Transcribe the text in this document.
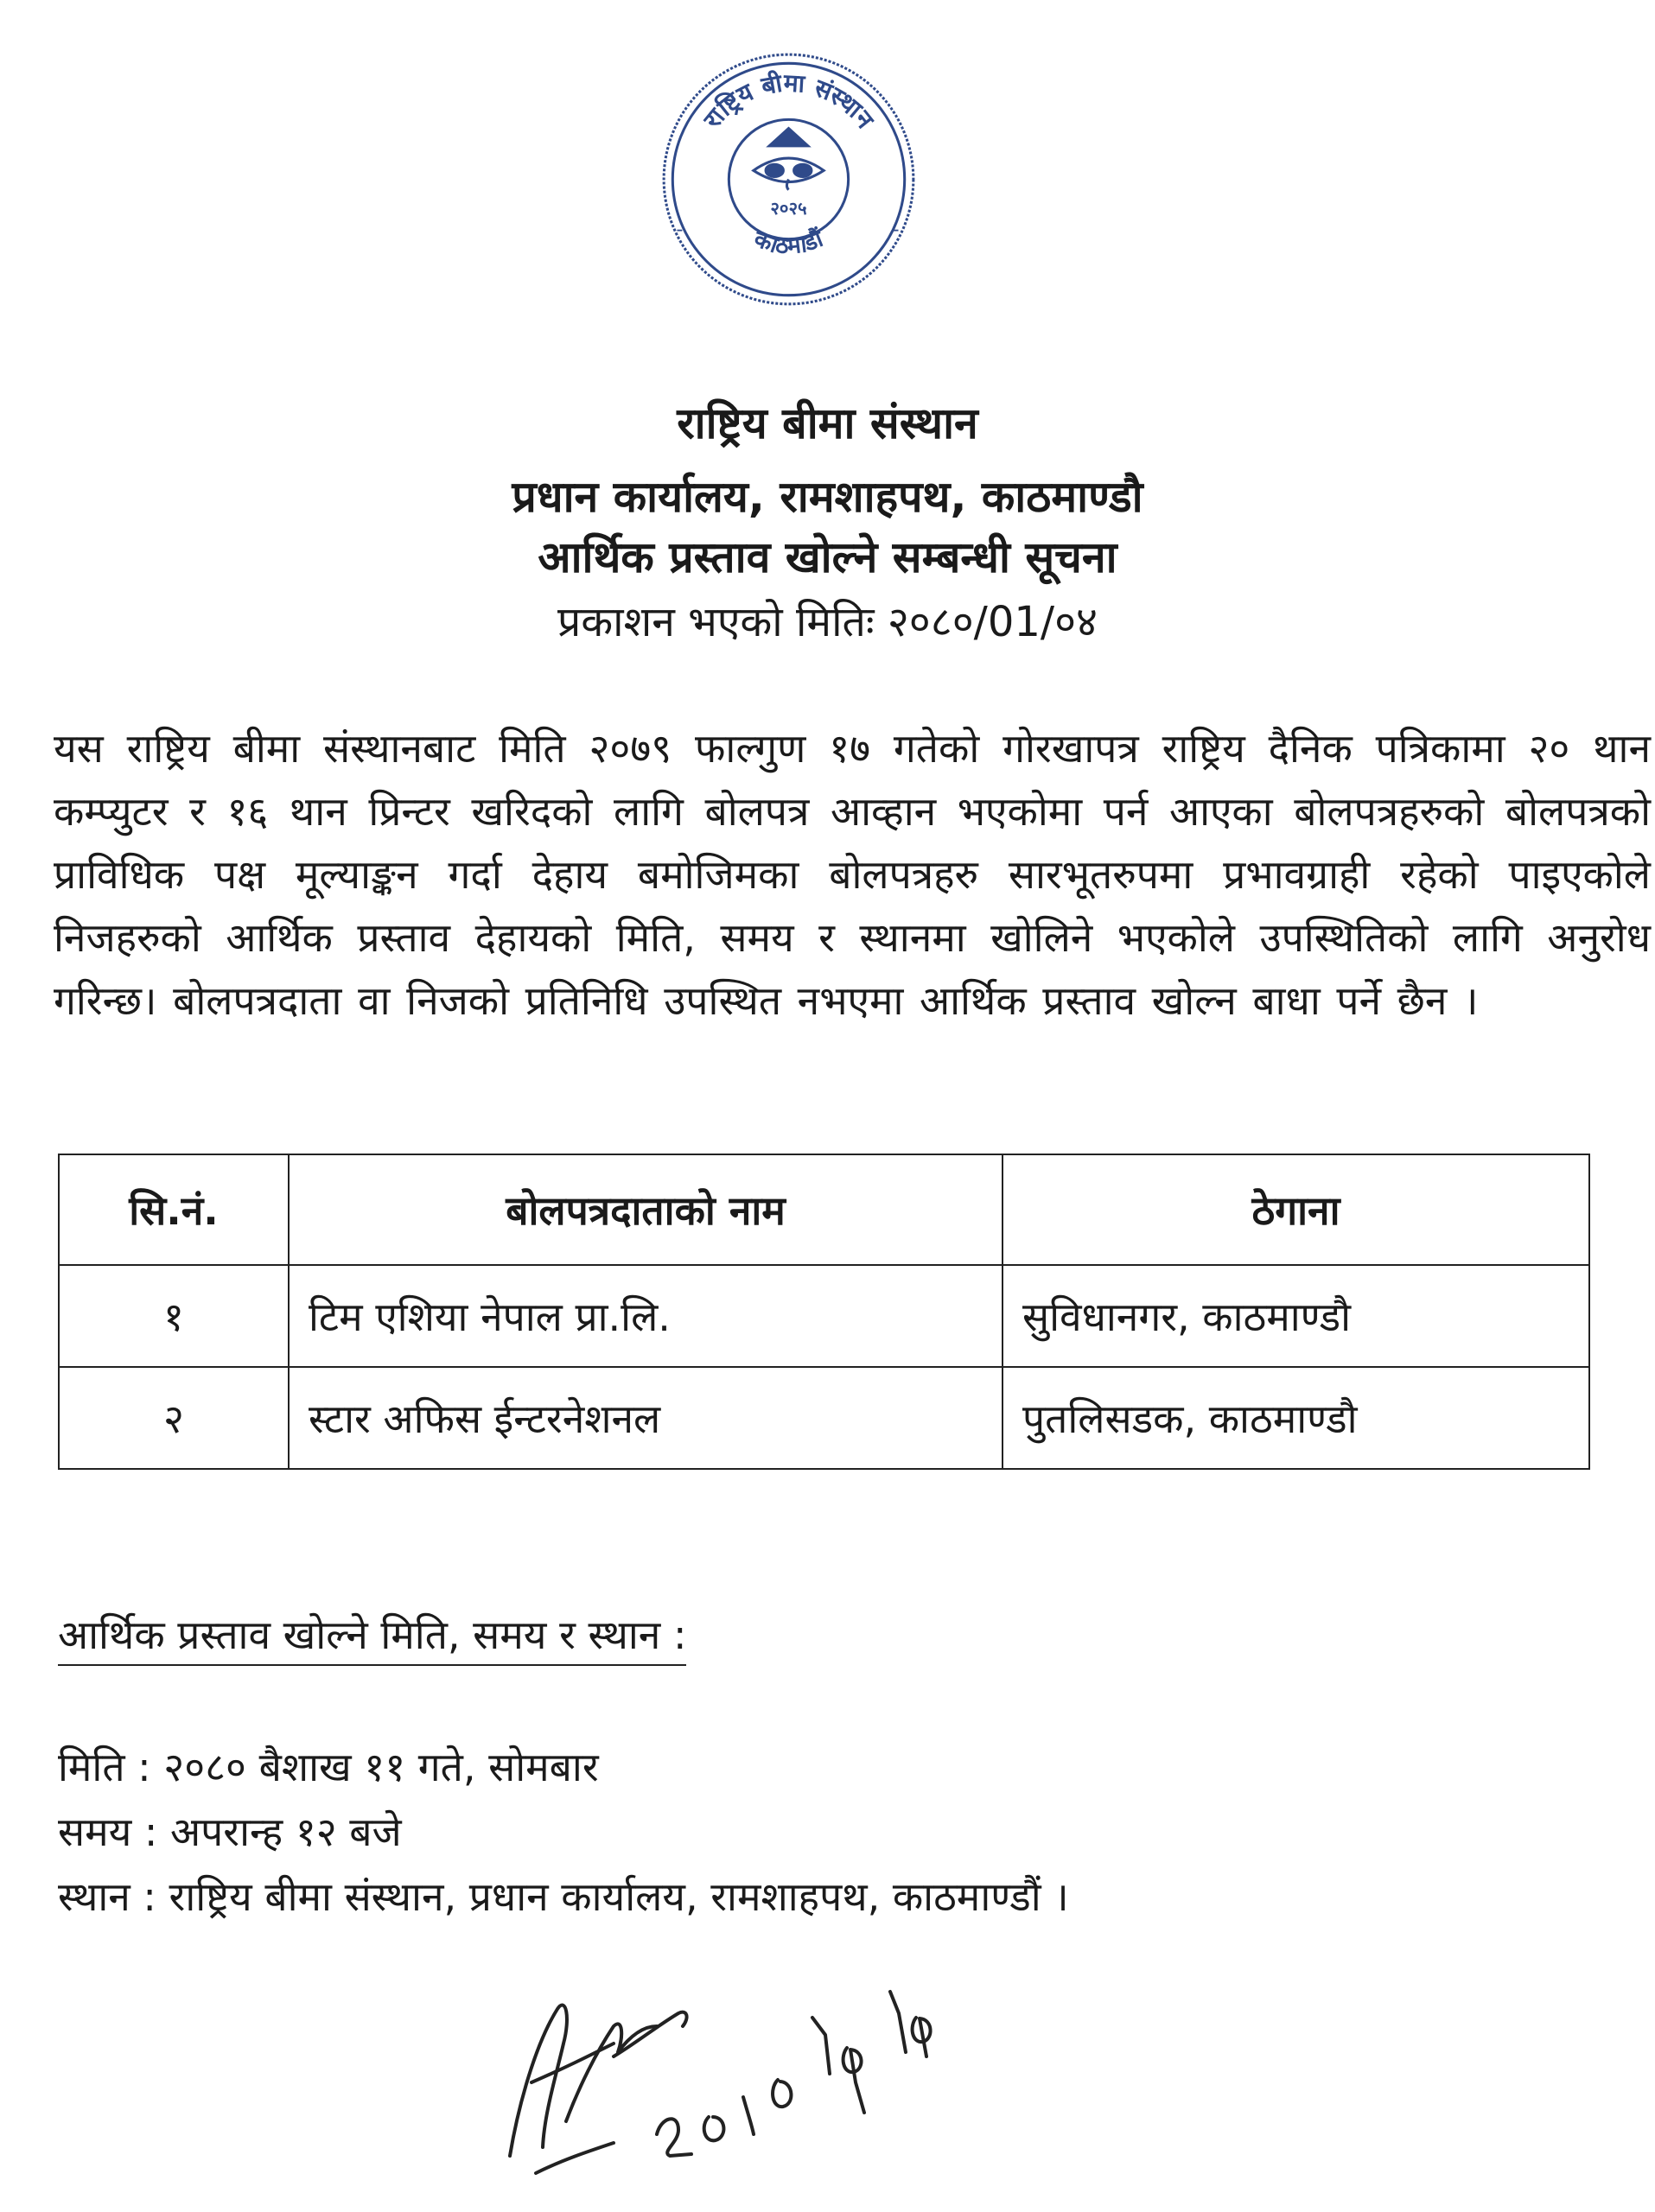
राष्ट्रिय बीमा संस्थान
काठमाडौं
२०२५
-	-
राष्ट्रिय बीमा संस्थान
प्रधान कार्यालय, रामशाहपथ, काठमाण्डौ
आर्थिक प्रस्ताव खोल्ने सम्बन्धी सूचना
प्रकाशन भएको मितिः २०८०/01/०४

यस राष्ट्रिय बीमा संस्थानबाट मिति २०७९ फाल्गुण १७ गतेको गोरखापत्र राष्ट्रिय दैनिक पत्रिकामा २० थान कम्प्युटर र १६ थान प्रिन्टर खरिदको लागि बोलपत्र आव्हान भएकोमा पर्न आएका बोलपत्रहरुको बोलपत्रको प्राविधिक पक्ष मूल्याङ्कन गर्दा देहाय बमोजिमका बोलपत्रहरु सारभूतरुपमा प्रभावग्राही रहेको पाइएकोले निजहरुको आर्थिक प्रस्ताव देहायको मिति, समय र स्थानमा खोलिने भएकोले उपस्थितिको लागि अनुरोध गरिन्छ। बोलपत्रदाता वा निजको प्रतिनिधि उपस्थित नभएमा आर्थिक प्रस्ताव खोल्न बाधा पर्ने छैन ।

सि.नं.	बोलपत्रदाताको नाम	ठेगाना
१	टिम एशिया नेपाल प्रा.लि.	सुविधानगर, काठमाण्डौ
२	स्टार अफिस ईन्टरनेशनल	पुतलिसडक, काठमाण्डौ
आर्थिक प्रस्ताव खोल्ने मिति, समय र स्थान :
मिति : २०८० बैशाख ११ गते, सोमबार
समय : अपरान्ह १२ बजे
स्थान : राष्ट्रिय बीमा संस्थान, प्रधान कार्यालय, रामशाहपथ, काठमाण्डौं ।
